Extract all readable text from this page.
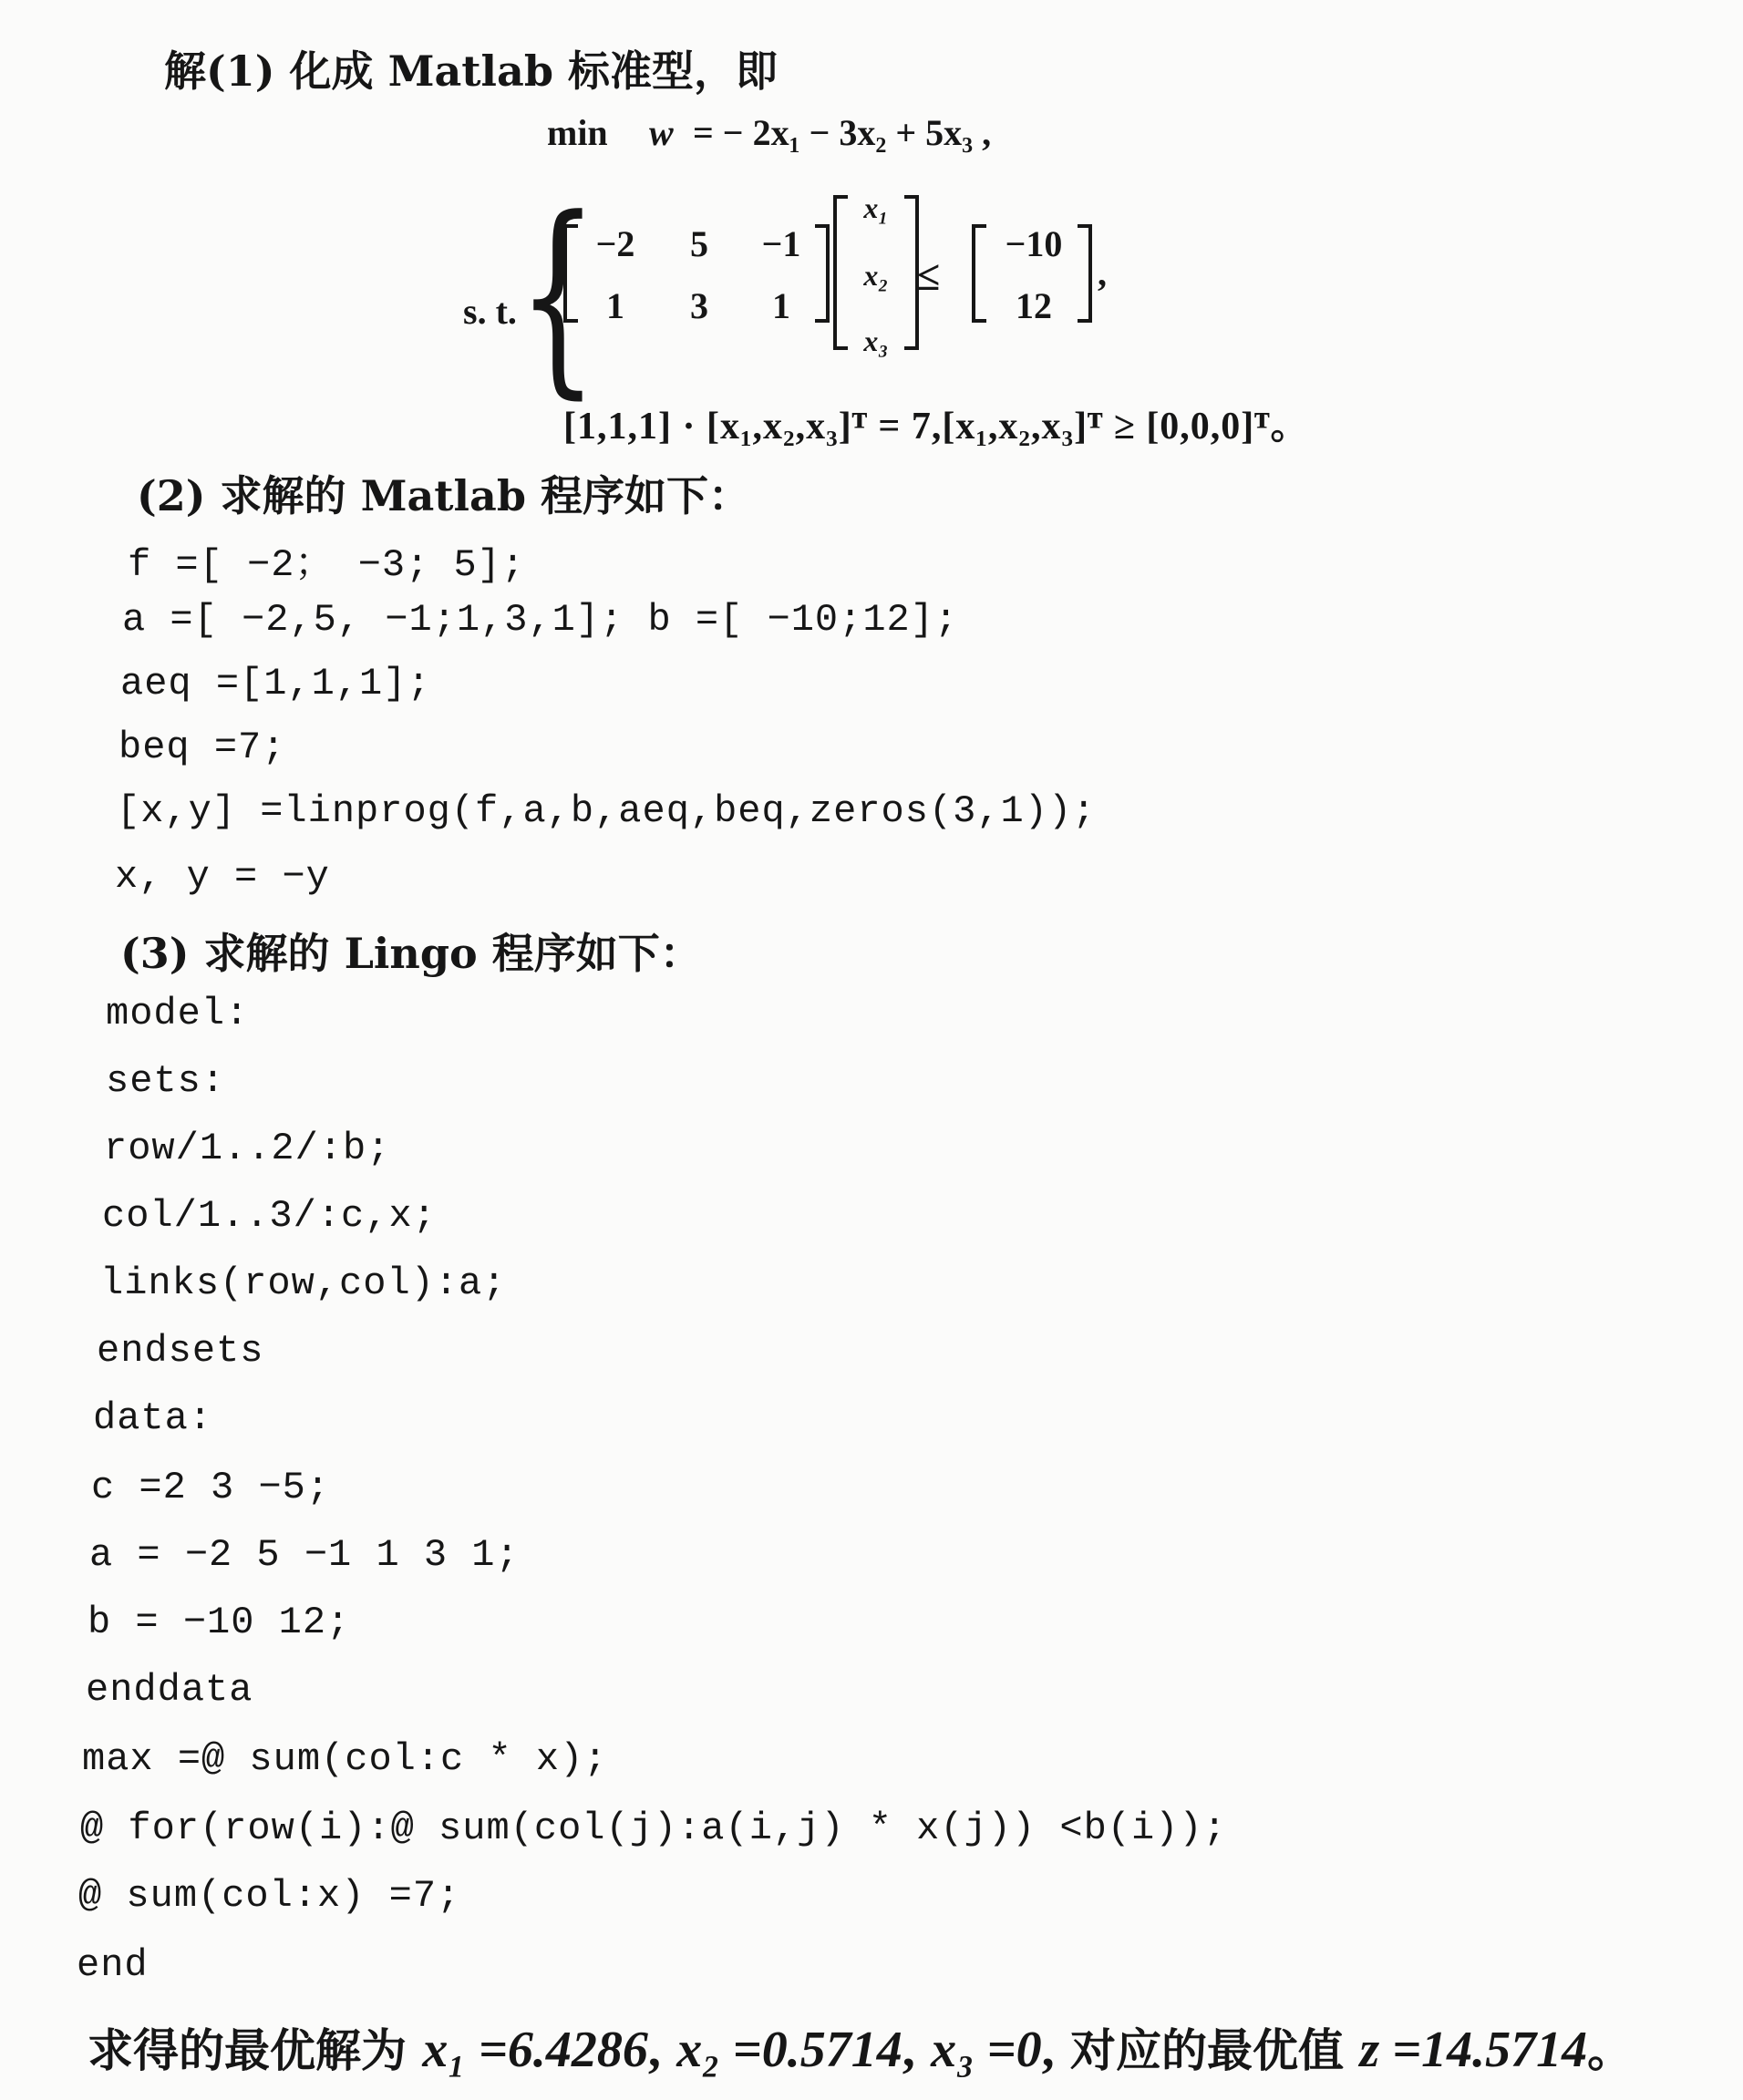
解(1) 化成 Matlab 标准型，即
min w = − 2x₁ − 3x₂ + 5x₃ ,
s. t. {
−2	5	−1
1	3	1
x₁
x₂
x₃
≤
−10
12
,
[1,1,1] · [x₁,x₂,x₃]ᵀ = 7,[x₁,x₂,x₃]ᵀ ≥ [0,0,0]ᵀ。
(2) 求解的 Matlab 程序如下：
f =[ −2； −3; 5];
a =[ −2,5, −1;1,3,1]; b =[ −10;12];
aeq =[1,1,1];
beq =7;
[x,y] =linprog(f,a,b,aeq,beq,zeros(3,1));
x, y = −y
(3) 求解的 Lingo 程序如下：
model:
sets:
row/1..2/:b;
col/1..3/:c,x;
links(row,col):a;
endsets
data:
c =2 3 −5;
a = −2 5 −1 1 3 1;
b = −10 12;
enddata
max =@ sum(col:c * x);
@ for(row(i):@ sum(col(j):a(i,j) * x(j)) <b(i));
@ sum(col:x) =7;
end
求得的最优解为 x₁ =6.4286, x₂ =0.5714, x₃ =0, 对应的最优值 z =14.5714。
